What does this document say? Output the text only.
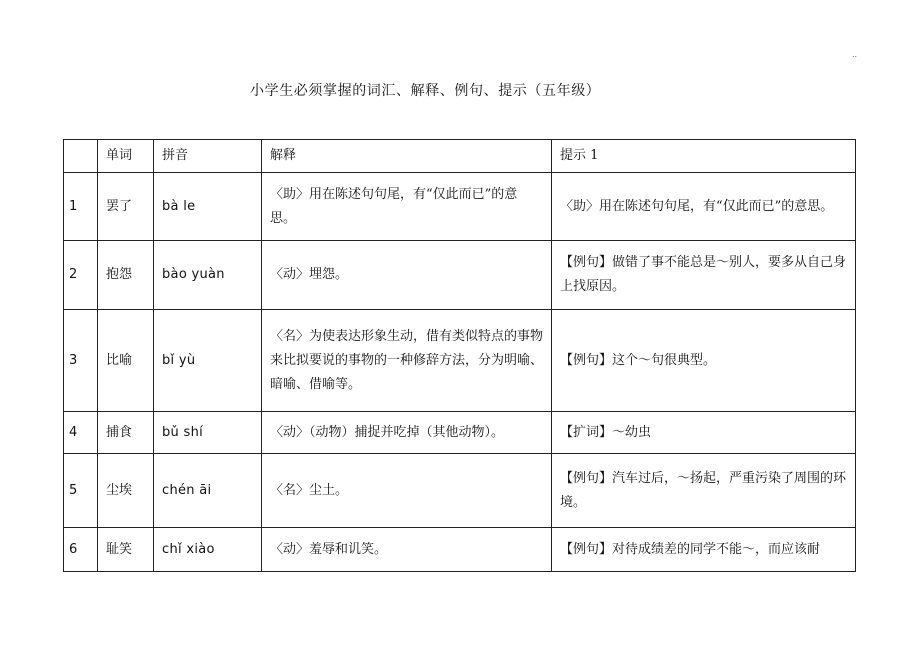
..
小学生必须掌握的词汇、解释、例句、提示（五年级）
	单词	拼音	解释	提示 1
1	罢了	bà le	〈助〉用在陈述句句尾，有“仅此而已”的意思。	〈助〉用在陈述句句尾，有“仅此而已”的意思。
2	抱怨	bào yuàn	〈动〉埋怨。	【例句】做错了事不能总是～别人，要多从自己身上找原因。
3	比喻	bǐ yù	〈名〉为使表达形象生动，借有类似特点的事物来比拟要说的事物的一种修辞方法，分为明喻、暗喻、借喻等。	【例句】这个～句很典型。
4	捕食	bǔ shí	〈动〉（动物）捕捉并吃掉（其他动物）。	【扩词】～幼虫
5	尘埃	chén āi	〈名〉尘土。	【例句】汽车过后，～扬起，严重污染了周围的环境。
6	耻笑	chǐ xiào	〈动〉羞辱和讥笑。	【例句】对待成绩差的同学不能～，而应该耐
